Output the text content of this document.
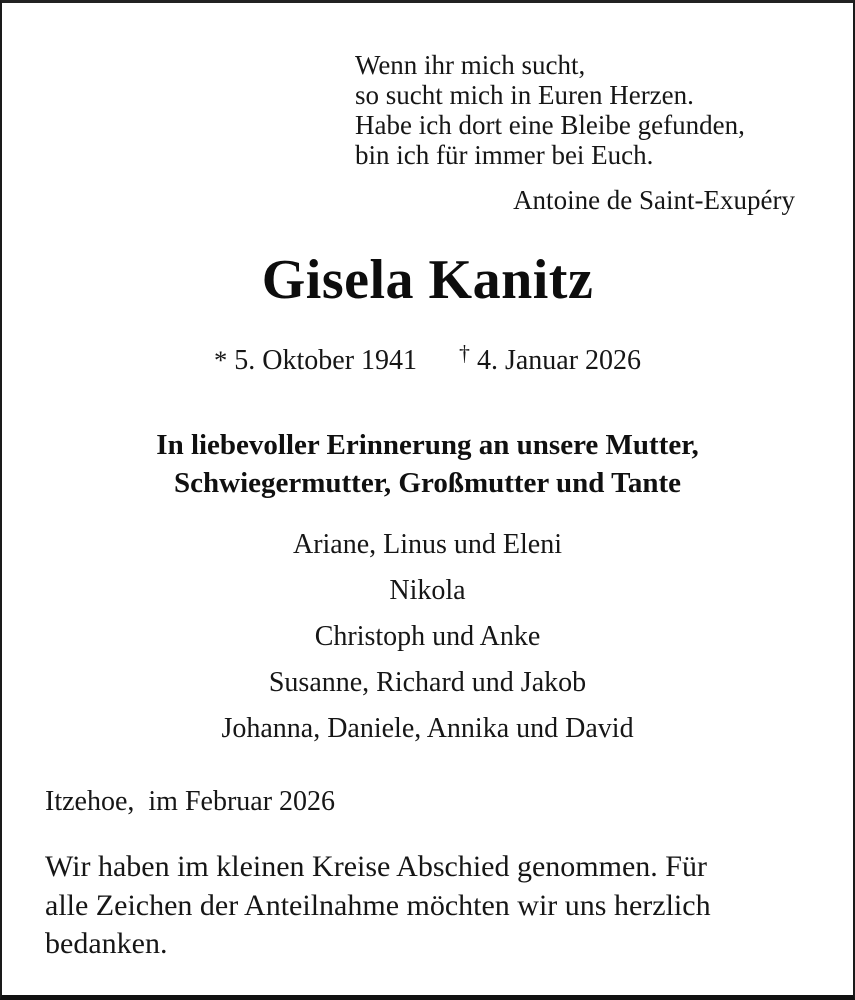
Wenn ihr mich sucht,
so sucht mich in Euren Herzen.
Habe ich dort eine Bleibe gefunden,
bin ich für immer bei Euch.
Antoine de Saint-Exupéry
Gisela Kanitz
* 5. Oktober 1941 † 4. Januar 2026
In liebevoller Erinnerung an unsere Mutter,
Schwiegermutter, Großmutter und Tante
Ariane, Linus und Eleni
Nikola
Christoph und Anke
Susanne, Richard und Jakob
Johanna, Daniele, Annika und David
Itzehoe,  im Februar 2026
Wir haben im kleinen Kreise Abschied genommen. Für
alle Zeichen der Anteilnahme möchten wir uns herzlich
bedanken.
